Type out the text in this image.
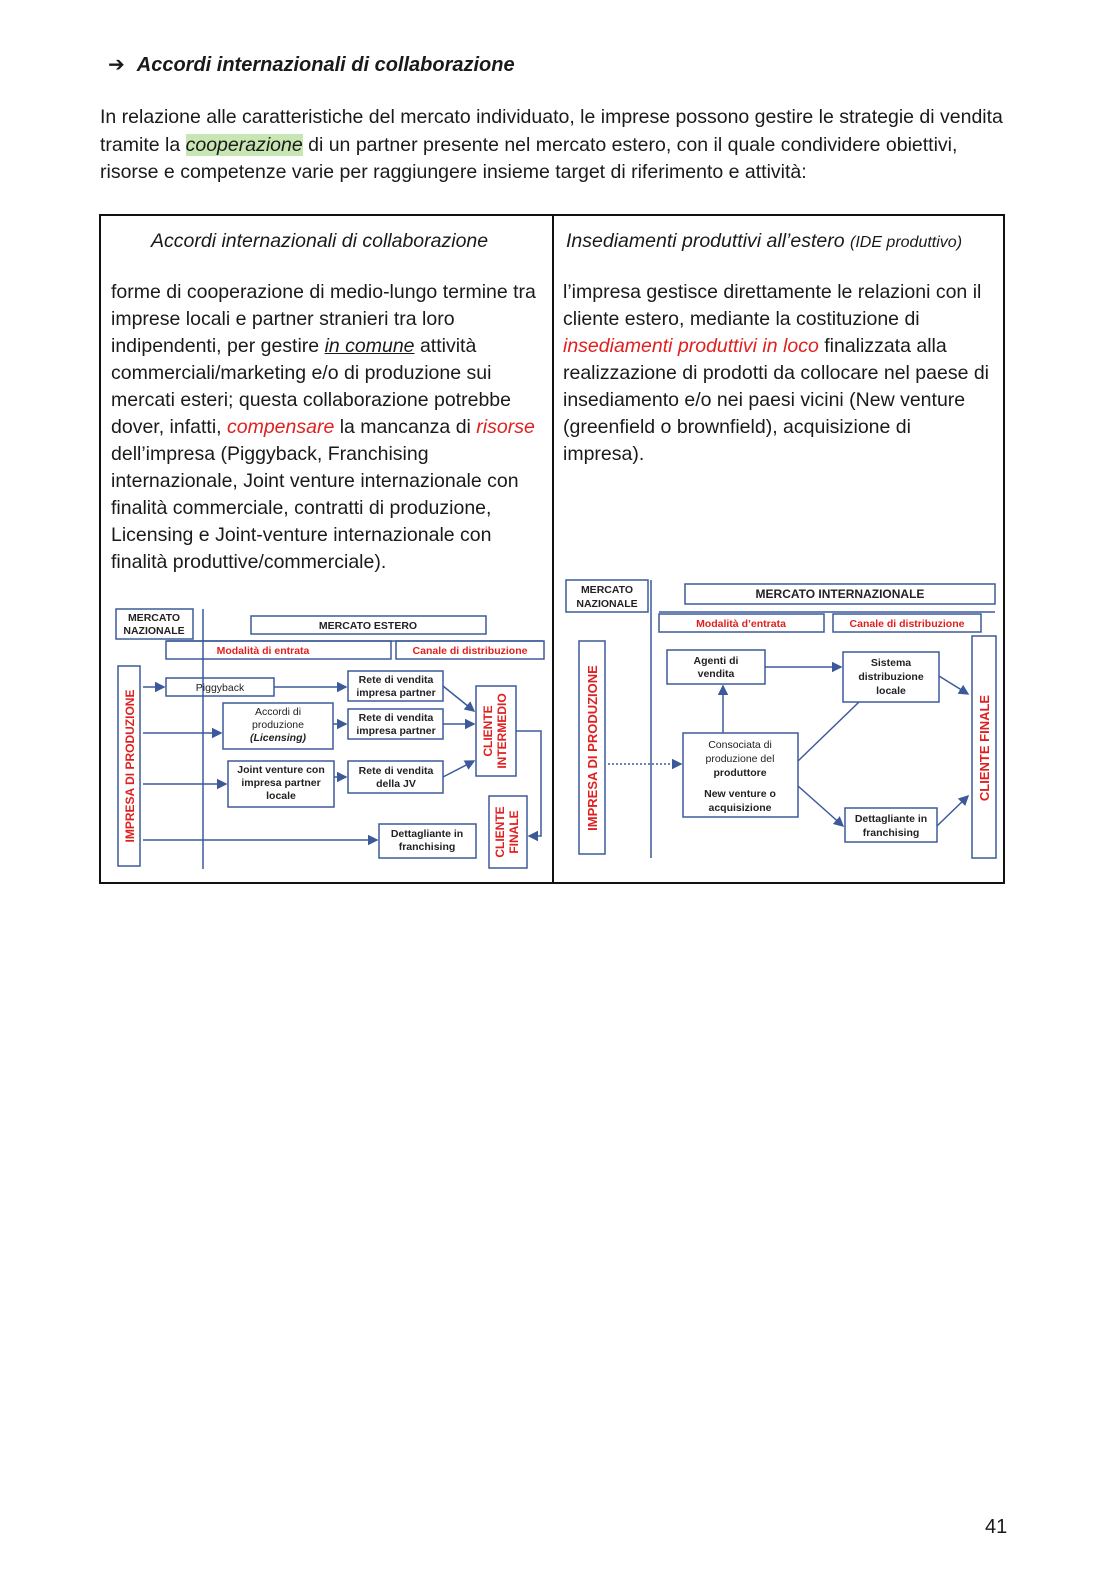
➔ Accordi internazionali di collaborazione
In relazione alle caratteristiche del mercato individuato, le imprese possono gestire le strategie di vendita tramite la cooperazione di un partner presente nel mercato estero, con il quale condividere obiettivi, risorse e competenze varie per raggiungere insieme target di riferimento e attività:
Accordi internazionali di collaborazione
forme di cooperazione di medio-lungo termine tra imprese locali e partner stranieri tra loro indipendenti, per gestire in comune attività commerciali/marketing e/o di produzione sui mercati esteri; questa collaborazione potrebbe dover, infatti, compensare la mancanza di risorse dell’impresa (Piggyback, Franchising internazionale, Joint venture internazionale con finalità commerciale, contratti di produzione, Licensing e Joint-venture internazionale con finalità produttive/commerciale).
Insediamenti produttivi all’estero (IDE produttivo)
l’impresa gestisce direttamente le relazioni con il cliente estero, mediante la costituzione di insediamenti produttivi in loco finalizzata alla realizzazione di prodotti da collocare nel paese di insediamento e/o nei paesi vicini (New venture (greenfield o brownfield), acquisizione di impresa).
MERCATO
NAZIONALE	MERCATO ESTERO
Modalità di entrata	Canale di distribuzione
Piggyback
Accordi di
produzione
(Licensing)
Joint venture con
impresa partner
locale
Rete di vendita
impresa partner
Rete di vendita
impresa partner
Rete di vendita
della JV
Dettagliante in
franchising
IMPRESA DI PRODUZIONE	CLIENTE INTERMEDIO
CLIENTE FINALE
MERCATO
NAZIONALE
MERCATO INTERNAZIONALE
Modalità d’entrata	Canale di distribuzione
Agenti di
vendita
Sistema
distribuzione
locale
Consociata di
produzione del
produttore
New venture o
acquisizione
Dettagliante in
franchising
IMPRESA DI PRODUZIONE	CLIENTE FINALE
41
